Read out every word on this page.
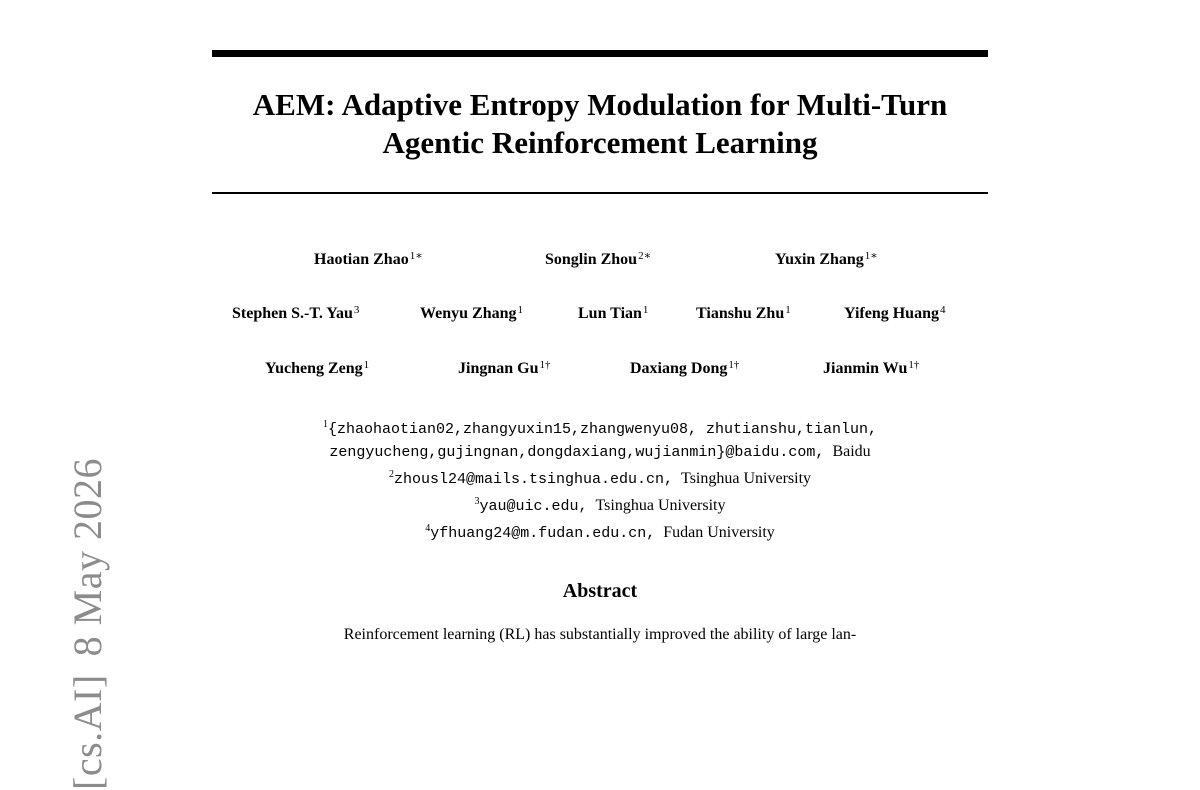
[cs.AI]8 May 2026
AEM: Adaptive Entropy Modulation for Multi-Turn
Agentic Reinforcement Learning
Haotian Zhao$^{1∗}$	Songlin Zhou$^{2∗}$	Yuxin Zhang$^{1∗}$
Stephen S.-T. Yau$^3$	Wenyu Zhang$^1$	Lun Tian$^1$	Tianshu Zhu$^1$	Yifeng Huang$^4$
Yucheng Zeng$^1$	Jingnan $Gu^{1\dagger}$	Daxiang Dong$^{1\dagger}$	Jianmin $Wu^{1\dagger}$
$^1${zhaohaotian02,zhangyuxin15,zhangwenyu08, zhutianshu,tianlun,
zengyucheng,gujingnan,dongdaxiang,wujianmin}@baidu.com, Baidu
$^2$zhousl24@mails.tsinghua.edu.cn, Tsinghua University
$^3$yau@uic.edu, Tsinghua University
$^4$yfhuang24@m.fudan.edu.cn, Fudan University
Abstract
Reinforcement learning (RL) has substantially improved the ability of large lan-
